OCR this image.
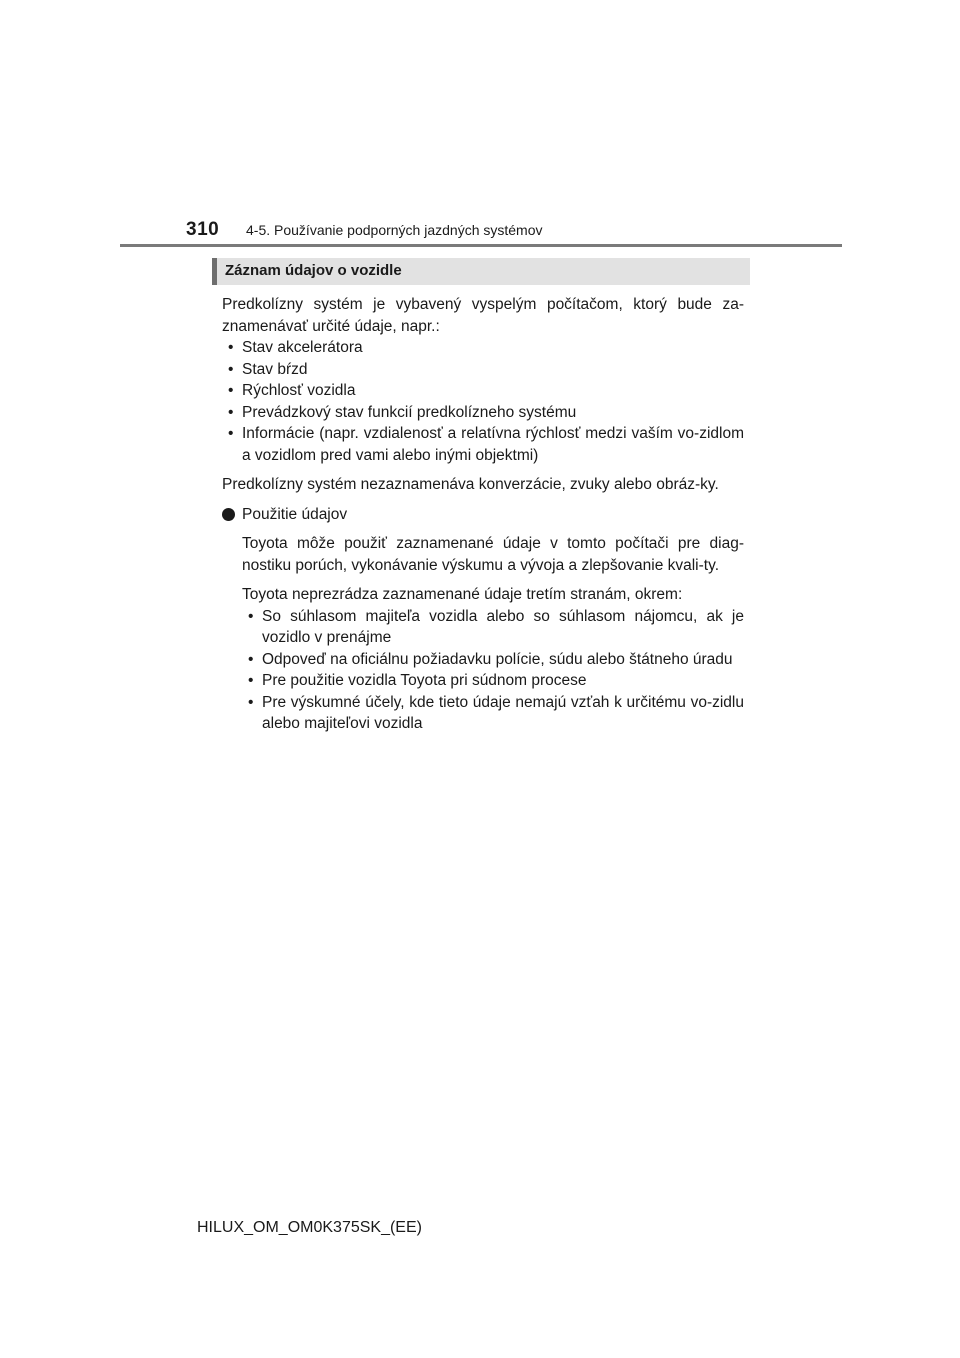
310 4-5. Používanie podporných jazdných systémov
Záznam údajov o vozidle

Predkolízny systém je vybavený vyspelým počítačom, ktorý bude za-znamenávať určité údaje, napr.:

• Stav akcelerátora
• Stav bŕzd
• Rýchlosť vozidla
• Prevádzkový stav funkcií predkolízneho systému
• Informácie (napr. vzdialenosť a relatívna rýchlosť medzi vaším vo-zidlom a vozidlom pred vami alebo inými objektmi)

Predkolízny systém nezaznamenáva konverzácie, zvuky alebo obráz-ky.

Použitie údajov

Toyota môže použiť zaznamenané údaje v tomto počítači pre diag-nostiku porúch, vykonávanie výskumu a vývoja a zlepšovanie kvali-ty.

Toyota neprezrádza zaznamenané údaje tretím stranám, okrem:

• So súhlasom majiteľa vozidla alebo so súhlasom nájomcu, ak je vozidlo v prenájme
• Odpoveď na oficiálnu požiadavku polície, súdu alebo štátneho úradu
• Pre použitie vozidla Toyota pri súdnom procese
• Pre výskumné účely, kde tieto údaje nemajú vzťah k určitému vo-zidlu alebo majiteľovi vozidla
HILUX_OM_OM0K375SK_(EE)
